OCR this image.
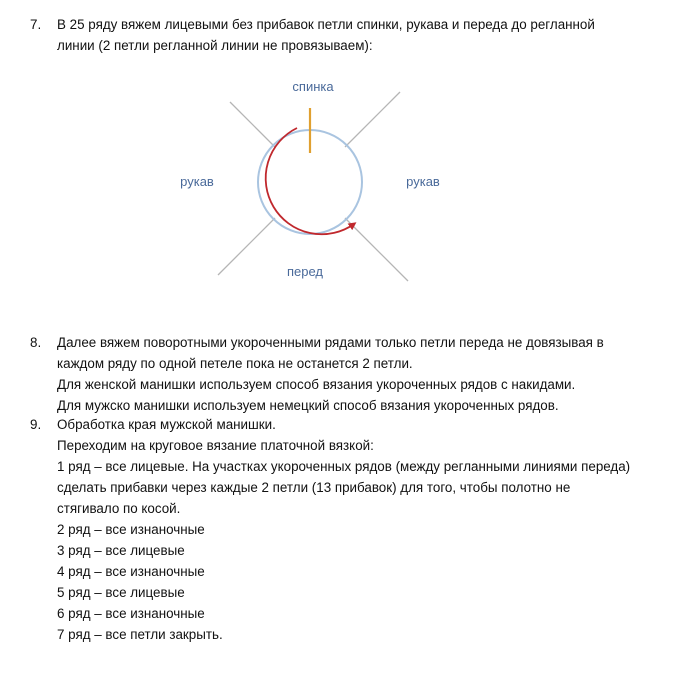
7. В 25 ряду вяжем лицевыми без прибавок петли спинки, рукава и переда до регланной
линии (2 петли регланной линии не провязываем):
спинка
рукав	рукав
перед
8. Далее вяжем поворотными укороченными рядами только петли переда не довязывая в
каждом ряду по одной петеле пока не останется 2 петли.
Для женской манишки используем способ вязания укороченных рядов с накидами.
Для мужско манишки используем немецкий способ вязания укороченных рядов.
9. Обработка края мужской манишки.
Переходим на круговое вязание платочной вязкой:
1 ряд – все лицевые. На участках укороченных рядов (между регланными линиями переда)
сделать прибавки через каждые 2 петли (13 прибавок) для того, чтобы полотно не
стягивало по косой.
2 ряд – все изнаночные
3 ряд – все лицевые
4 ряд – все изнаночные
5 ряд – все лицевые
6 ряд – все изнаночные
7 ряд – все петли закрыть.
